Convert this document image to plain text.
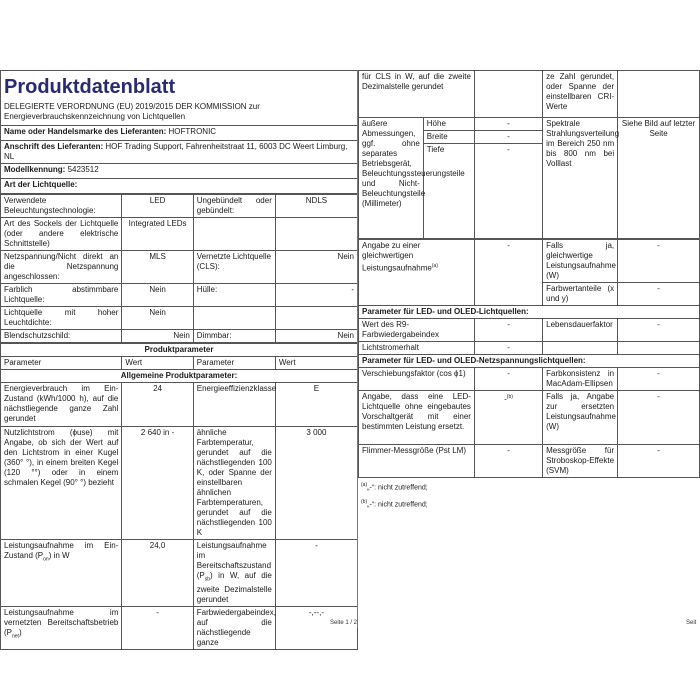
Produktdatenblatt
DELEGIERTE VERORDNUNG (EU) 2019/2015 DER KOMMISSION zur Energieverbrauchskennzeichnung von Lichtquellen
Name oder Handelsmarke des Lieferanten: HOFTRONIC
Anschrift des Lieferanten: HOF Trading Support, Fahrenheitstraat 11, 6003 DC Weert Limburg, NL
Modellkennung: 5423512
Art der Lichtquelle:
Verwendete Beleuchtungstechnologie:	LED	Ungebündelt oder gebündelt:	NDLS
Art des Sockels der Lichtquelle (oder andere elektrische Schnittstelle)	Integrated LEDs		
Netzspannung/Nicht direkt an die Netzspannung angeschlossen:	MLS	Vernetzte Lichtquelle (CLS):	Nein
Farblich abstimmbare Lichtquelle:	Nein	Hülle:	-
Lichtquelle mit hoher Leuchtdichte:	Nein		
Blendschutzschild:	Nein	Dimmbar:	Nein
Produktparameter			
Parameter	Wert	Parameter	Wert
Allgemeine Produktparameter:			
Energieverbrauch im Ein-Zustand (kWh/1000 h), auf die nächstliegende ganze Zahl gerundet	24	Energieeffizienzklasse	E
Nutzlichtstrom (ϕuse) mit Angabe, ob sich der Wert auf den Lichtstrom in einer Kugel (360° °), in einem breiten Kegel (120 °°) oder in einem schmalen Kegel (90° °) bezieht	2 640 in -	ähnliche Farbtemperatur, gerundet auf die nächstliegenden 100 K, oder Spanne der einstellbaren ähnlichen Farbtemperaturen, gerundet auf die nächstliegenden 100 K	3 000
Leistungsaufnahme im Ein-Zustand $(P_{on})$ in W	24,0	Leistungsaufnahme im Bereitschaftszustand $(P_{sb})$ in W, auf die zweite Dezimalstelle gerundet	-
Leistungsaufnahme im vernetzten Bereitschaftsbetrieb $(P_{net})$	-	Farbwiedergabeindex, auf die nächstliegende ganze	-,--,-
Seite 1 / 2
für CLS in W, auf die zweite Dezimalstelle gerundet			ze Zahl gerundet, oder Spanne der einstellbaren CRI-Werte	
äußere Abmessungen, ggf. ohne separates Betriebsgerät, Beleuchtungssteuerungsteile und Nicht-Beleuchtungsteile (Millimeter)	Höhe	-	Spektrale Strahlungsverteilung im Bereich 250 nm bis 800 nm bei Volllast	Siehe Bild auf letzter Seite
	Breite	-		
	Tiefe	-		
Angabe zu einer gleichwertigen Leistungsaufnahme$^{(a)}$	-	Falls ja, gleichwertige Leistungsaufnahme (W)	-
		Farbwertanteile (x und y)	-
Parameter für LED- und OLED-Lichtquellen:			
Wert des R9-Farbwiedergabeindex	-	Lebensdauerfaktor	-
Lichtstromerhalt	-		
Parameter für LED- und OLED-Netzspannungslichtquellen:			
Verschiebungsfaktor (cos ϕ1)	-	Farbkonsistenz in MacAdam-Ellipsen	-
Angabe, dass eine LED-Lichtquelle ohne eingebautes Vorschaltgerät mit einer bestimmten Leistung ersetzt.	-$^{(b)}$	Falls ja, Angabe zur ersetzten Leistungsaufnahme (W)	-
Flimmer-Messgröße (Pst LM)	-	Messgröße für Stroboskop-Effekte (SVM)	-
$^{(a)}$„-“: nicht zutreffend;
$^{(b)}$„-“: nicht zutreffend;
Seit
